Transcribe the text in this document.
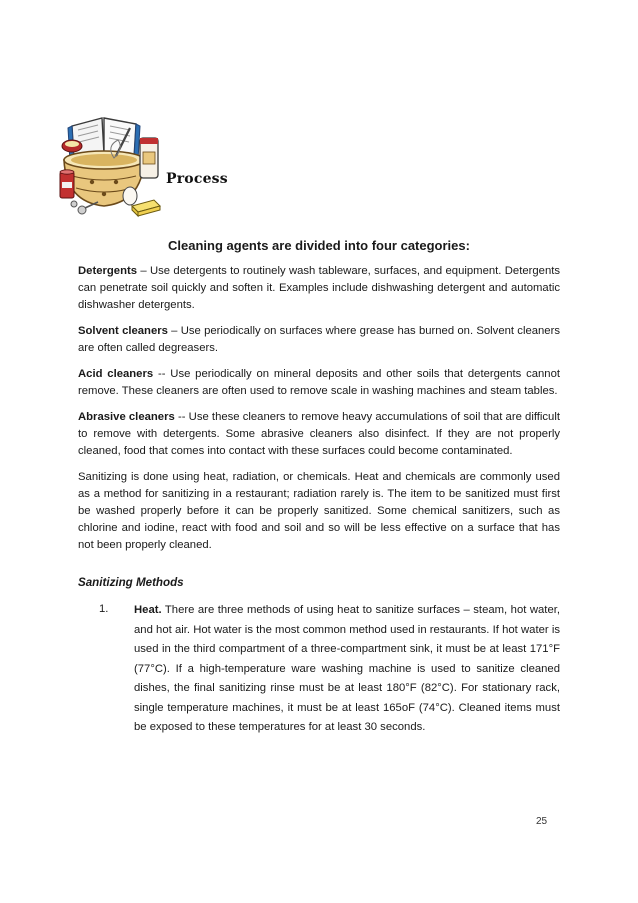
Process

Cleaning agents are divided into four categories:

Detergents – Use detergents to routinely wash tableware, surfaces, and equipment. Detergents can penetrate soil quickly and soften it. Examples include dishwashing detergent and automatic dishwasher detergents.

Solvent cleaners – Use periodically on surfaces where grease has burned on. Solvent cleaners are often called degreasers.

Acid cleaners -- Use periodically on mineral deposits and other soils that detergents cannot remove. These cleaners are often used to remove scale in washing machines and steam tables.

Abrasive cleaners -- Use these cleaners to remove heavy accumulations of soil that are difficult to remove with detergents. Some abrasive cleaners also disinfect. If they are not properly cleaned, food that comes into contact with these surfaces could become contaminated.

Sanitizing is done using heat, radiation, or chemicals. Heat and chemicals are commonly used as a method for sanitizing in a restaurant; radiation rarely is. The item to be sanitized must first be washed properly before it can be properly sanitized. Some chemical sanitizers, such as chlorine and iodine, react with food and soil and so will be less effective on a surface that has not been properly cleaned.

Sanitizing Methods

1.	Heat. There are three methods of using heat to sanitize surfaces – steam, hot water, and hot air. Hot water is the most common method used in restaurants. If hot water is used in the third compartment of a three-compartment sink, it must be at least 171°F (77°C). If a high-temperature ware washing machine is used to sanitize cleaned dishes, the final sanitizing rinse must be at least 180°F (82°C). For stationary rack, single temperature machines, it must be at least 165oF (74°C). Cleaned items must be exposed to these temperatures for at least 30 seconds.
25
